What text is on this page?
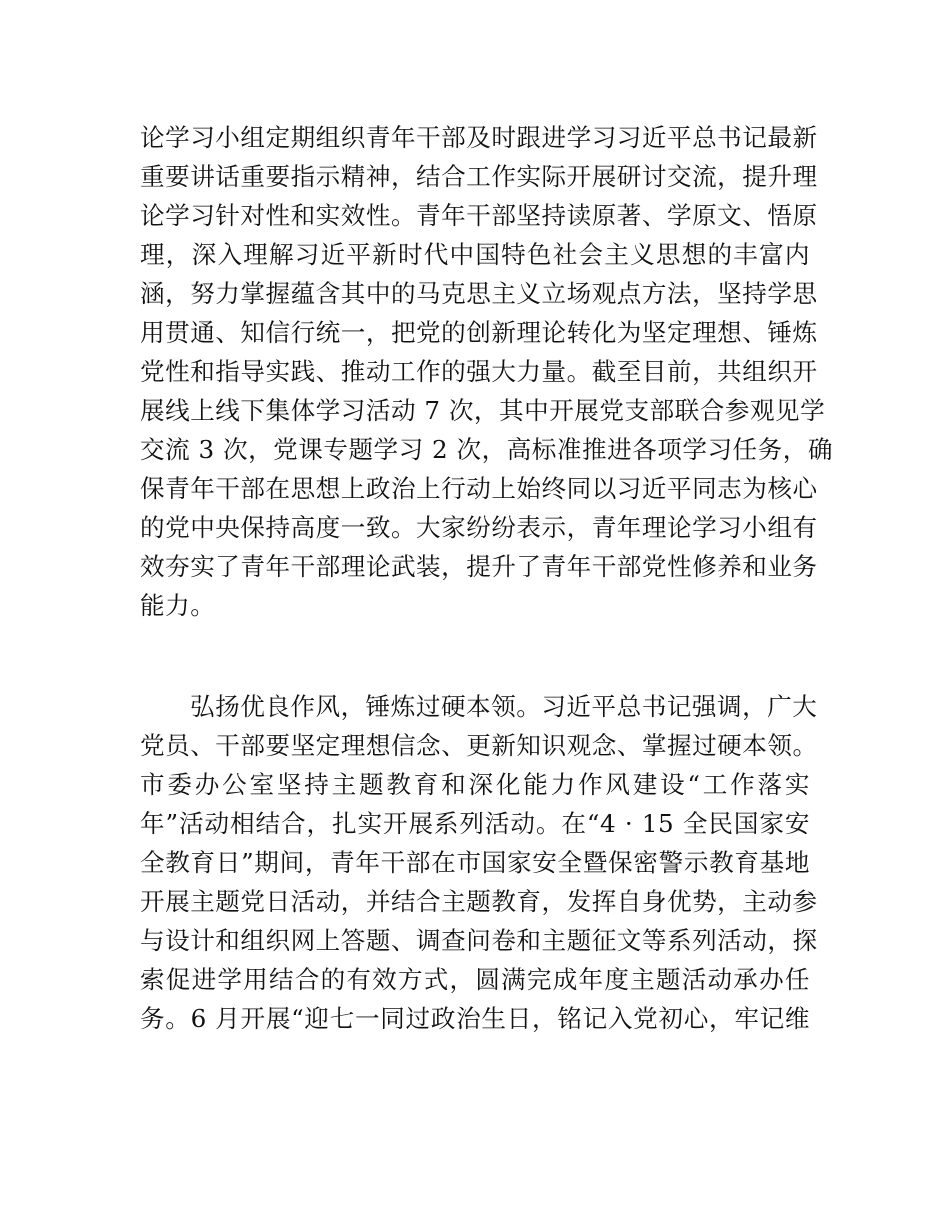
论学习小组定期组织青年干部及时跟进学习习近平总书记最新
重要讲话重要指示精神，结合工作实际开展研讨交流，提升理
论学习针对性和实效性。青年干部坚持读原著、学原文、悟原
理，深入理解习近平新时代中国特色社会主义思想的丰富内
涵，努力掌握蕴含其中的马克思主义立场观点方法，坚持学思
用贯通、知信行统一，把党的创新理论转化为坚定理想、锤炼
党性和指导实践、推动工作的强大力量。截至目前，共组织开
展线上线下集体学习活动 7 次，其中开展党支部联合参观见学
交流 3 次，党课专题学习 2 次，高标准推进各项学习任务，确
保青年干部在思想上政治上行动上始终同以习近平同志为核心
的党中央保持高度一致。大家纷纷表示，青年理论学习小组有
效夯实了青年干部理论武装，提升了青年干部党性修养和业务
能力。
弘扬优良作风，锤炼过硬本领。习近平总书记强调，广大
党员、干部要坚定理想信念、更新知识观念、掌握过硬本领。
市委办公室坚持主题教育和深化能力作风建设“工作落实
年”活动相结合，扎实开展系列活动。在“4 · 15 全民国家安
全教育日”期间，青年干部在市国家安全暨保密警示教育基地
开展主题党日活动，并结合主题教育，发挥自身优势，主动参
与设计和组织网上答题、调查问卷和主题征文等系列活动，探
索促进学用结合的有效方式，圆满完成年度主题活动承办任
务。6 月开展“迎七一同过政治生日，铭记入党初心，牢记维
